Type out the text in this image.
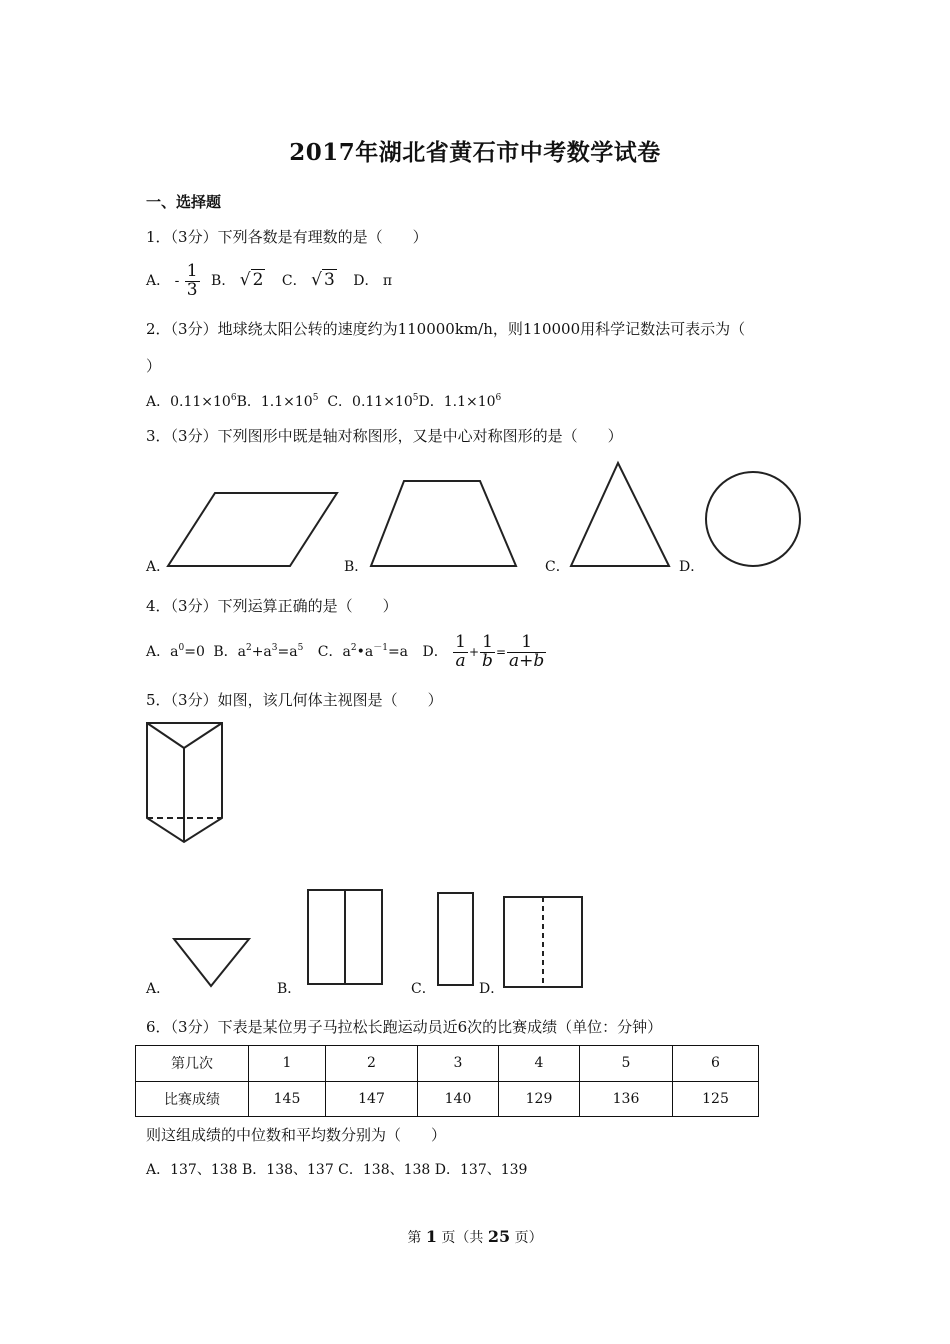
2017年湖北省黄石市中考数学试卷
一、选择题
1．（3分）下列各数是有理数的是（　　）
A． - $\frac{1}{3}$ B． √ 2 C． √ 3 D． π
2．（3分）地球绕太阳公转的速度约为110000km/h，则110000用科学记数法可表示为（
）
A．$0.11\times 10^6B$．$1.1\times 10^5$ C．$0.11\times 10^5D$．$1.1\times 10^6$
3．（3分）下列图形中既是轴对称图形，又是中心对称图形的是（　　）
A．	B．	C．	D．
4．（3分）下列运算正确的是（　　）
A．$a^0=0$ B．$a^2+a^3=a^5$ C．$a^2•a^{-1}=a$ D． $\frac{1}{a} + \frac{1}{b} = \frac{1}{a+b}$
5．（3分）如图，该几何体主视图是（　　）
A．	B．	C．	D．
6．（3分）下表是某位男子马拉松长跑运动员近6次的比赛成绩（单位：分钟）
第几次	1	2	3	4	5	6
比赛成绩	145	147	140	129	136	125
则这组成绩的中位数和平均数分别为（　　）
A．137、138 B．138、137 C．138、138 D．137、139
第 1 页（共 25 页）
